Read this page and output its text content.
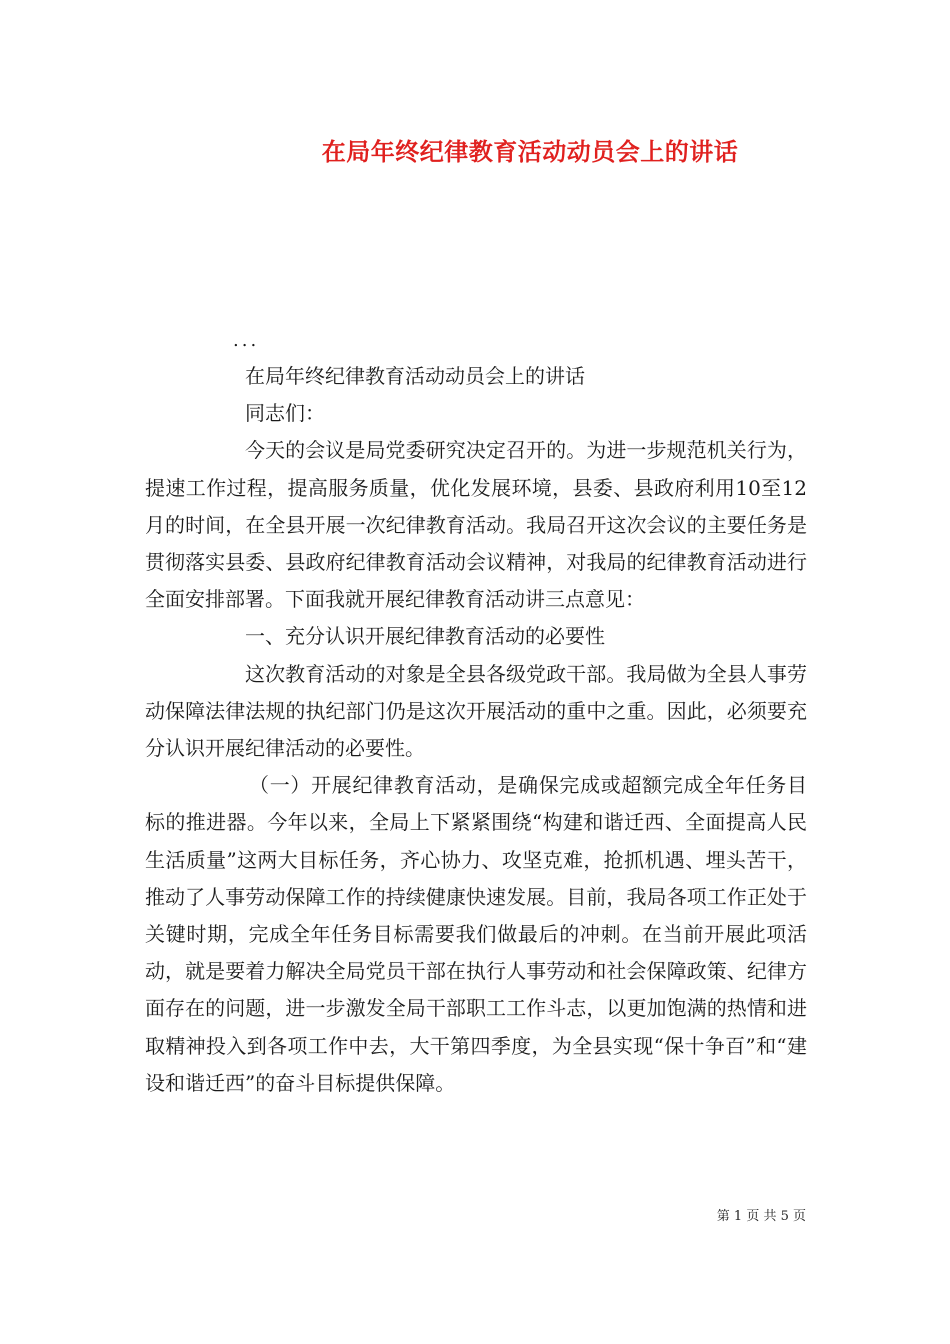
在局年终纪律教育活动动员会上的讲话
...

在局年终纪律教育活动动员会上的讲话

同志们：

今天的会议是局党委研究决定召开的。为进一步规范机关行为，提速工作过程，提高服务质量，优化发展环境，县委、县政府利用10至12月的时间，在全县开展一次纪律教育活动。我局召开这次会议的主要任务是贯彻落实县委、县政府纪律教育活动会议精神，对我局的纪律教育活动进行全面安排部署。下面我就开展纪律教育活动讲三点意见：

一、充分认识开展纪律教育活动的必要性

这次教育活动的对象是全县各级党政干部。我局做为全县人事劳动保障法律法规的执纪部门仍是这次开展活动的重中之重。因此，必须要充分认识开展纪律活动的必要性。

（一）开展纪律教育活动，是确保完成或超额完成全年任务目标的推进器。今年以来，全局上下紧紧围绕“构建和谐迁西、全面提高人民生活质量”这两大目标任务，齐心协力、攻坚克难，抢抓机遇、埋头苦干，推动了人事劳动保障工作的持续健康快速发展。目前，我局各项工作正处于关键时期，完成全年任务目标需要我们做最后的冲刺。在当前开展此项活动，就是要着力解决全局党员干部在执行人事劳动和社会保障政策、纪律方面存在的问题，进一步激发全局干部职工工作斗志，以更加饱满的热情和进取精神投入到各项工作中去，大干第四季度，为全县实现“保十争百”和“建设和谐迁西”的奋斗目标提供保障。

第 1 页 共 5 页
